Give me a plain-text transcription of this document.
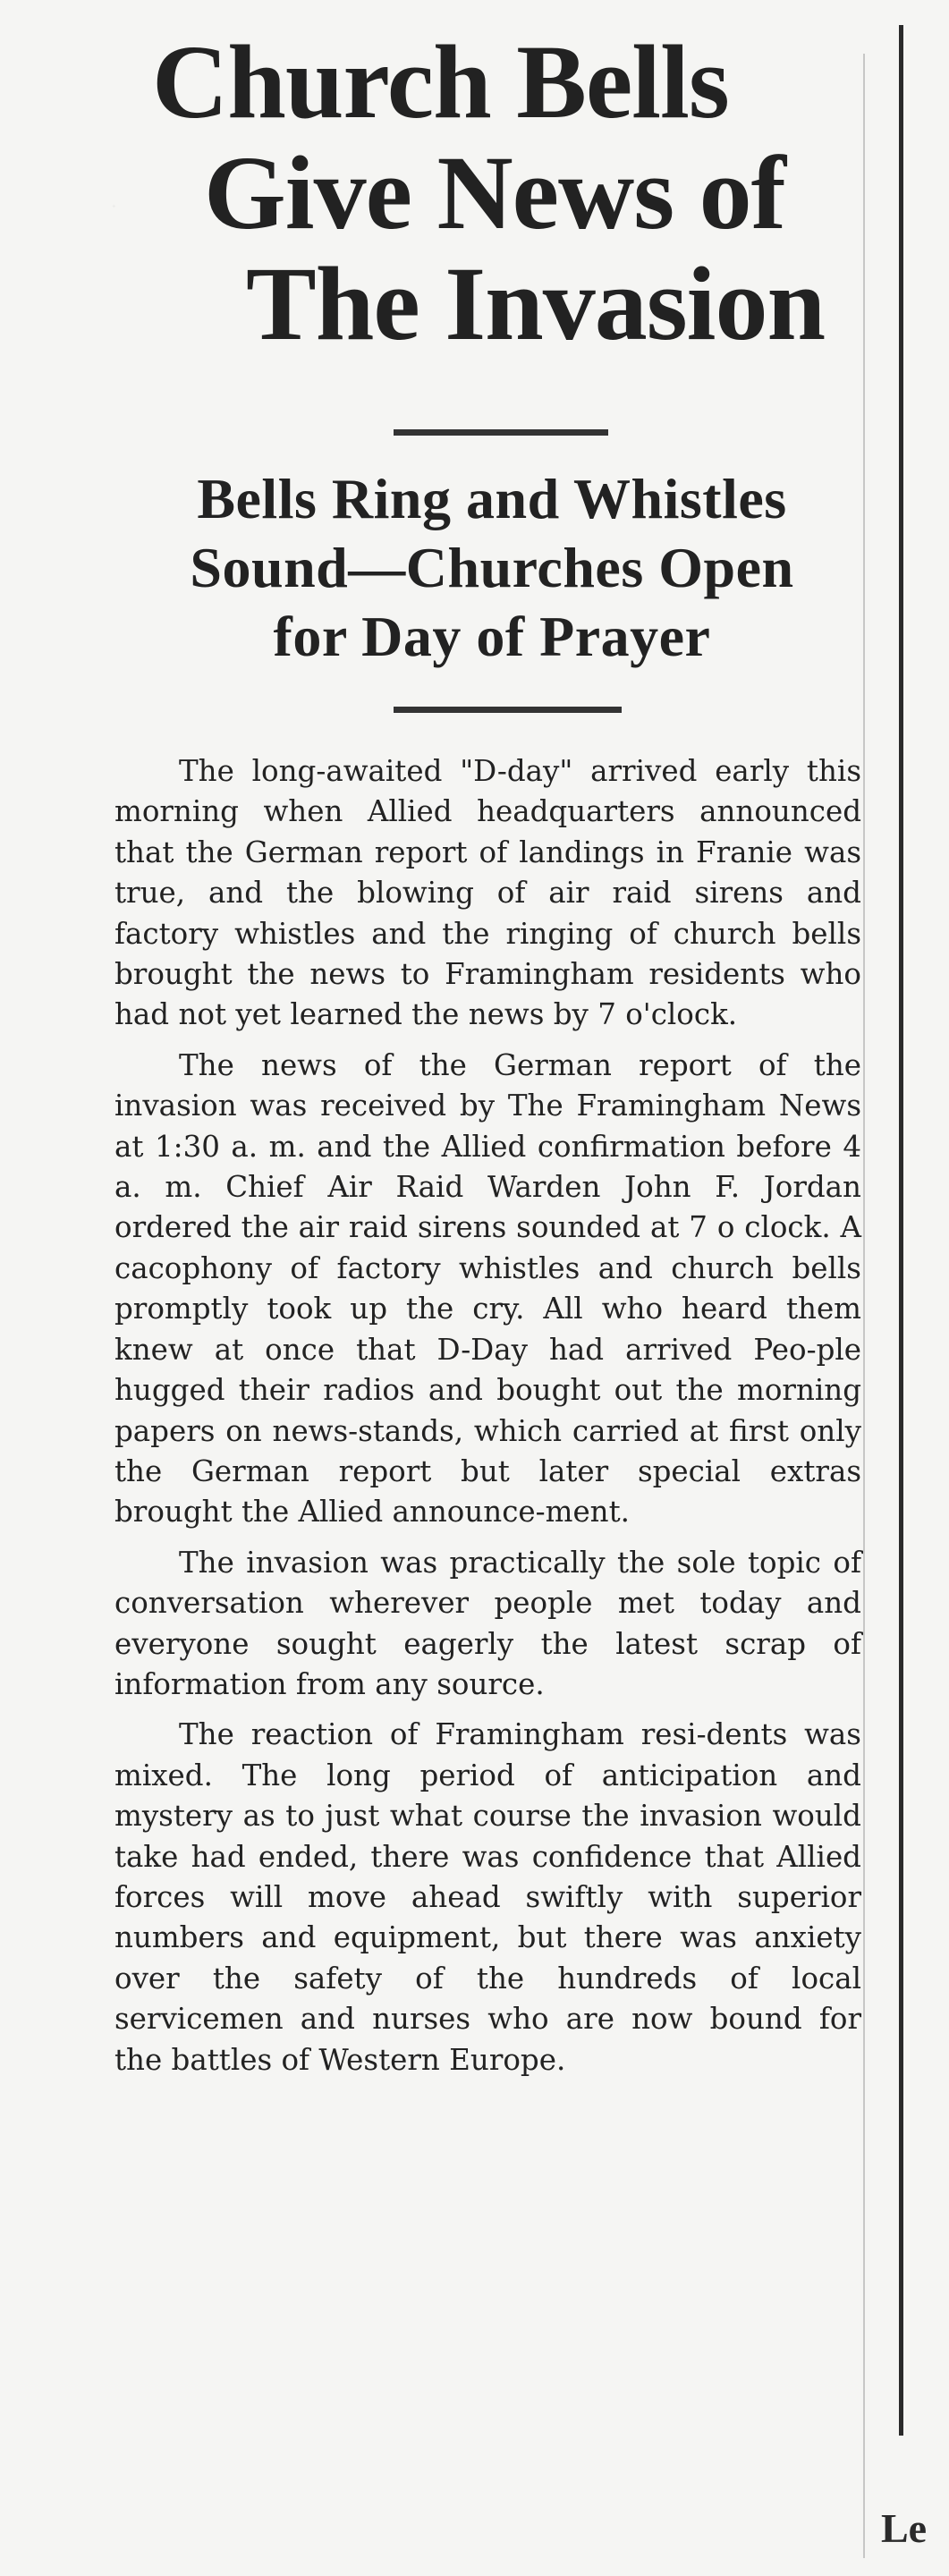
Church Bells
Give News of
The Invasion
Bells Ring and Whistles
Sound—Churches Open
for Day of Prayer

The long-awaited "D-day" arrived early this morning when Allied headquarters announced that the German report of landings in Franie was true, and the blowing of air raid sirens and factory whistles and the ringing of church bells brought the news to Framingham residents who had not yet learned the news by 7 o'clock.

The news of the German report of the invasion was received by The Framingham News at 1:30 a. m. and the Allied confirmation before 4 a. m. Chief Air Raid Warden John F. Jordan ordered the air raid sirens sounded at 7 o clock. A cacophony of factory whistles and church bells promptly took up the cry. All who heard them knew at once that D-Day had arrived Peo-ple hugged their radios and bought out the morning papers on news-stands, which carried at first only the German report but later special extras brought the Allied announce-ment.

The invasion was practically the sole topic of conversation wherever people met today and everyone sought eagerly the latest scrap of information from any source.

The reaction of Framingham resi-dents was mixed. The long period of anticipation and mystery as to just what course the invasion would take had ended, there was confidence that Allied forces will move ahead swiftly with superior numbers and equipment, but there was anxiety over the safety of the hundreds of local servicemen and nurses who are now bound for the battles of Western Europe.

Le
